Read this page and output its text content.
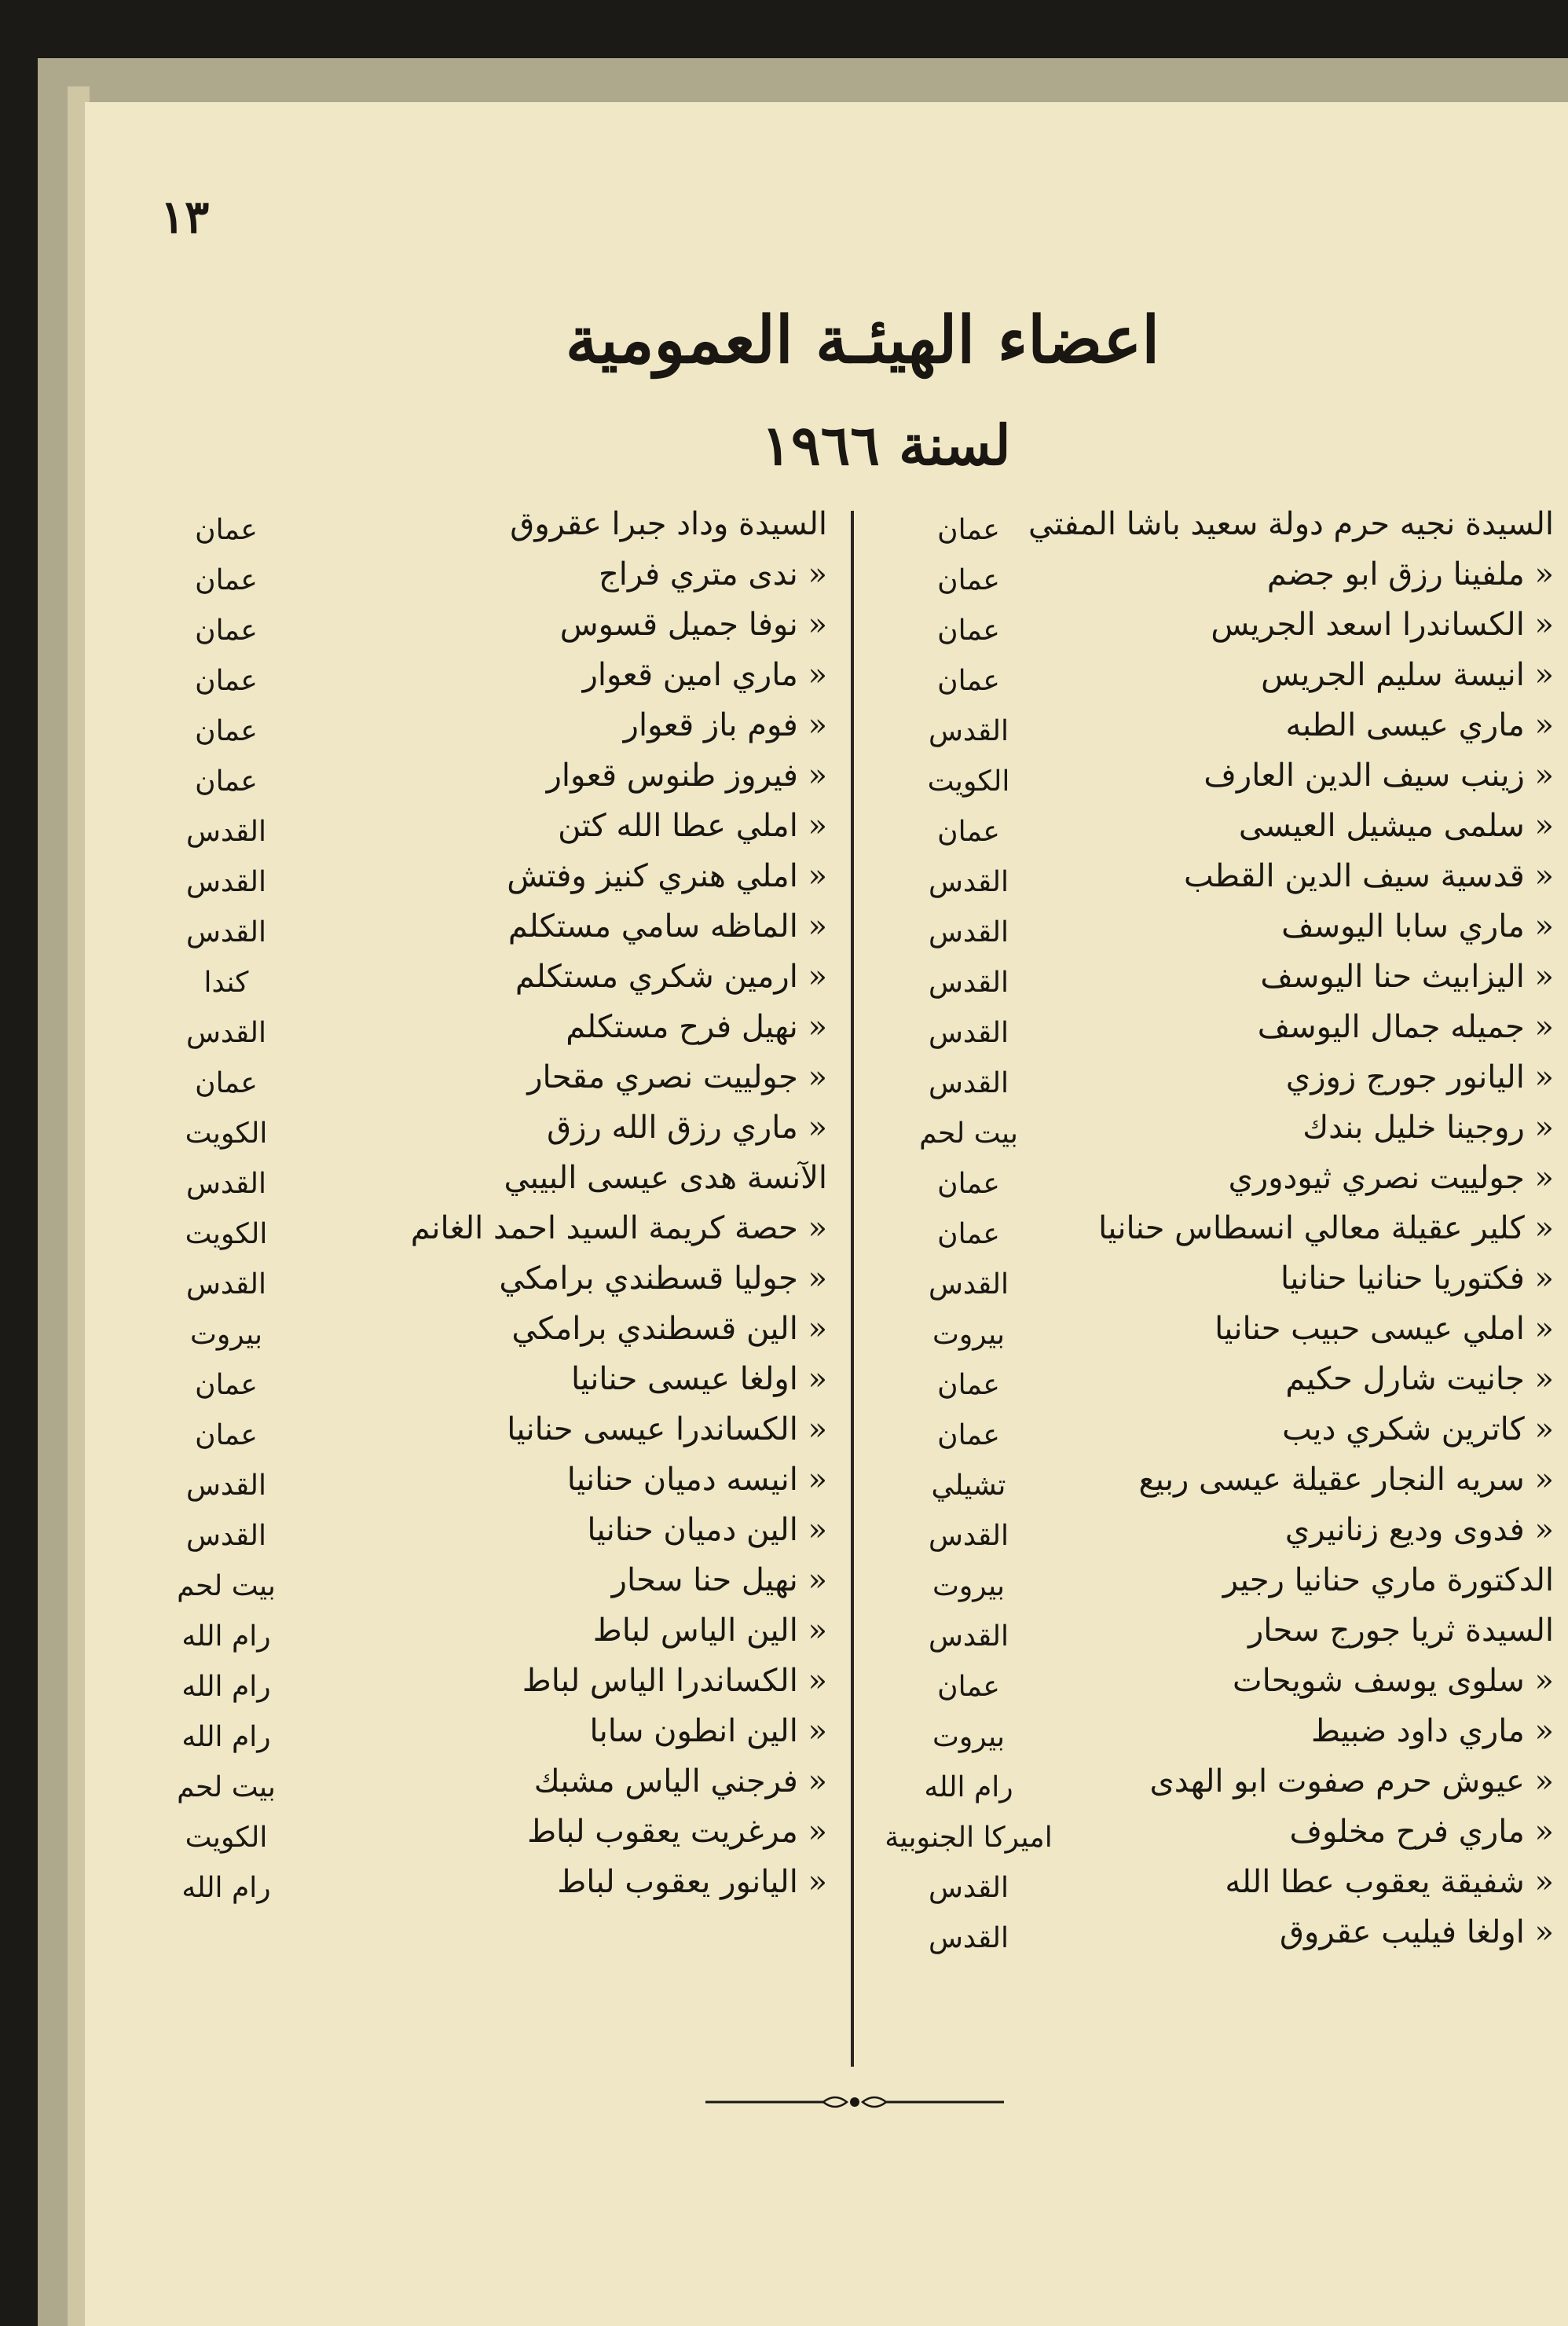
١٣
اعضاء الهيئـة العمومية
لسنة ١٩٦٦
عمان السيدة نجيه حرم دولة سعيد باشا المفتي
عمان	« ملفينا رزق ابو جضم
عمان	« الكساندرا اسعد الجريس
عمان	« انيسة سليم الجريس
القدس	« ماري عيسى الطبه
الكويت	« زينب سيف الدين العارف
عمان	« سلمى ميشيل العيسى
القدس	« قدسية سيف الدين القطب
القدس	« ماري سابا اليوسف
القدس	« اليزابيث حنا اليوسف
القدس	« جميله جمال اليوسف
القدس	« اليانور جورج زوزي
بيت لحم	« روجينا خليل بندك
عمان	« جولييت نصري ثيودوري
عمان	« كلير عقيلة معالي انسطاس حنانيا
القدس	« فكتوريا حنانيا حنانيا
بيروت	« املي عيسى حبيب حنانيا
عمان	« جانيت شارل حكيم
عمان	« كاترين شكري ديب
تشيلي	« سريه النجار عقيلة عيسى ربيع
القدس	« فدوى وديع زنانيري
بيروت	الدكتورة ماري حنانيا رجير
القدس	السيدة ثريا جورج سحار
عمان	« سلوى يوسف شويحات
بيروت	« ماري داود ضبيط
رام الله	« عيوش حرم صفوت ابو الهدى
اميركا الجنوبية	« ماري فرح مخلوف
القدس	« شفيقة يعقوب عطا الله
القدس	« اولغا فيليب عقروق
عمان	السيدة وداد جبرا عقروق
عمان	« ندى متري فراج
عمان	« نوفا جميل قسوس
عمان	« ماري امين قعوار
عمان	« فوم باز قعوار
عمان	« فيروز طنوس قعوار
القدس	« املي عطا الله كتن
القدس	« املي هنري كنيز وفتش
القدس	« الماظه سامي مستكلم
كندا	« ارمين شكري مستكلم
القدس	« نهيل فرح مستكلم
عمان	« جولييت نصري مقحار
الكويت	« ماري رزق الله رزق
القدس	الآنسة هدى عيسى البيبي
الكويت	« حصة كريمة السيد احمد الغانم
القدس	« جوليا قسطندي برامكي
بيروت	« الين قسطندي برامكي
عمان	« اولغا عيسى حنانيا
عمان	« الكساندرا عيسى حنانيا
القدس	« انيسه دميان حنانيا
القدس	« الين دميان حنانيا
بيت لحم	« نهيل حنا سحار
رام الله	« الين الياس لباط
رام الله	« الكساندرا الياس لباط
رام الله	« الين انطون سابا
بيت لحم	« فرجني الياس مشبك
الكويت	« مرغريت يعقوب لباط
رام الله	« اليانور يعقوب لباط
